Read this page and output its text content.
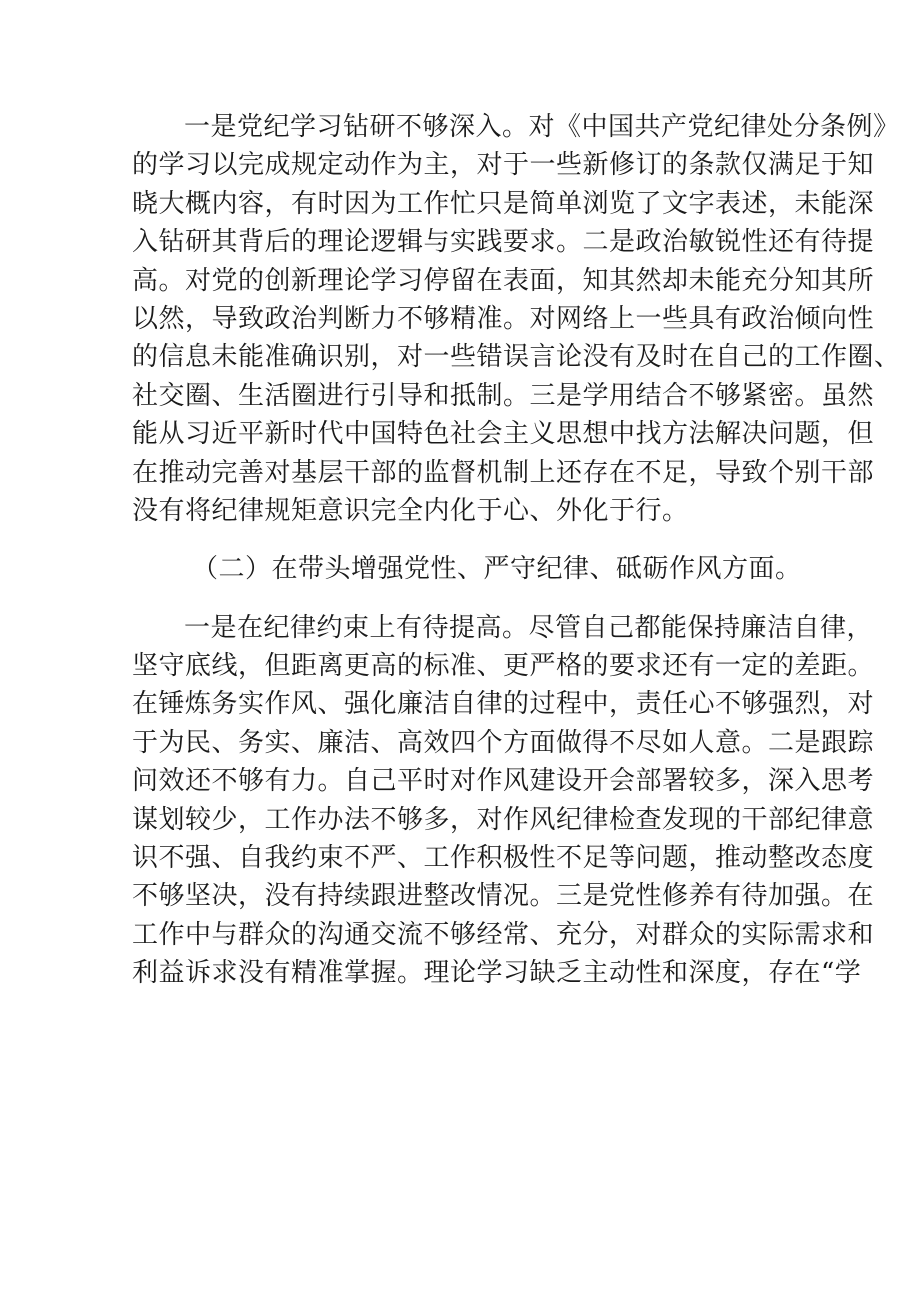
一是党纪学习钻研不够深入。对《中国共产党纪律处分条例》
的学习以完成规定动作为主，对于一些新修订的条款仅满足于知
晓大概内容，有时因为工作忙只是简单浏览了文字表述，未能深
入钻研其背后的理论逻辑与实践要求。二是政治敏锐性还有待提
高。对党的创新理论学习停留在表面，知其然却未能充分知其所
以然，导致政治判断力不够精准。对网络上一些具有政治倾向性
的信息未能准确识别，对一些错误言论没有及时在自己的工作圈、
社交圈、生活圈进行引导和抵制。三是学用结合不够紧密。虽然
能从习近平新时代中国特色社会主义思想中找方法解决问题，但
在推动完善对基层干部的监督机制上还存在不足，导致个别干部
没有将纪律规矩意识完全内化于心、外化于行。
（二）在带头增强党性、严守纪律、砥砺作风方面。
一是在纪律约束上有待提高。尽管自己都能保持廉洁自律，
坚守底线，但距离更高的标准、更严格的要求还有一定的差距。
在锤炼务实作风、强化廉洁自律的过程中，责任心不够强烈，对
于为民、务实、廉洁、高效四个方面做得不尽如人意。二是跟踪
问效还不够有力。自己平时对作风建设开会部署较多，深入思考
谋划较少，工作办法不够多，对作风纪律检查发现的干部纪律意
识不强、自我约束不严、工作积极性不足等问题，推动整改态度
不够坚决，没有持续跟进整改情况。三是党性修养有待加强。在
工作中与群众的沟通交流不够经常、充分，对群众的实际需求和
利益诉求没有精准掌握。理论学习缺乏主动性和深度，存在“学
